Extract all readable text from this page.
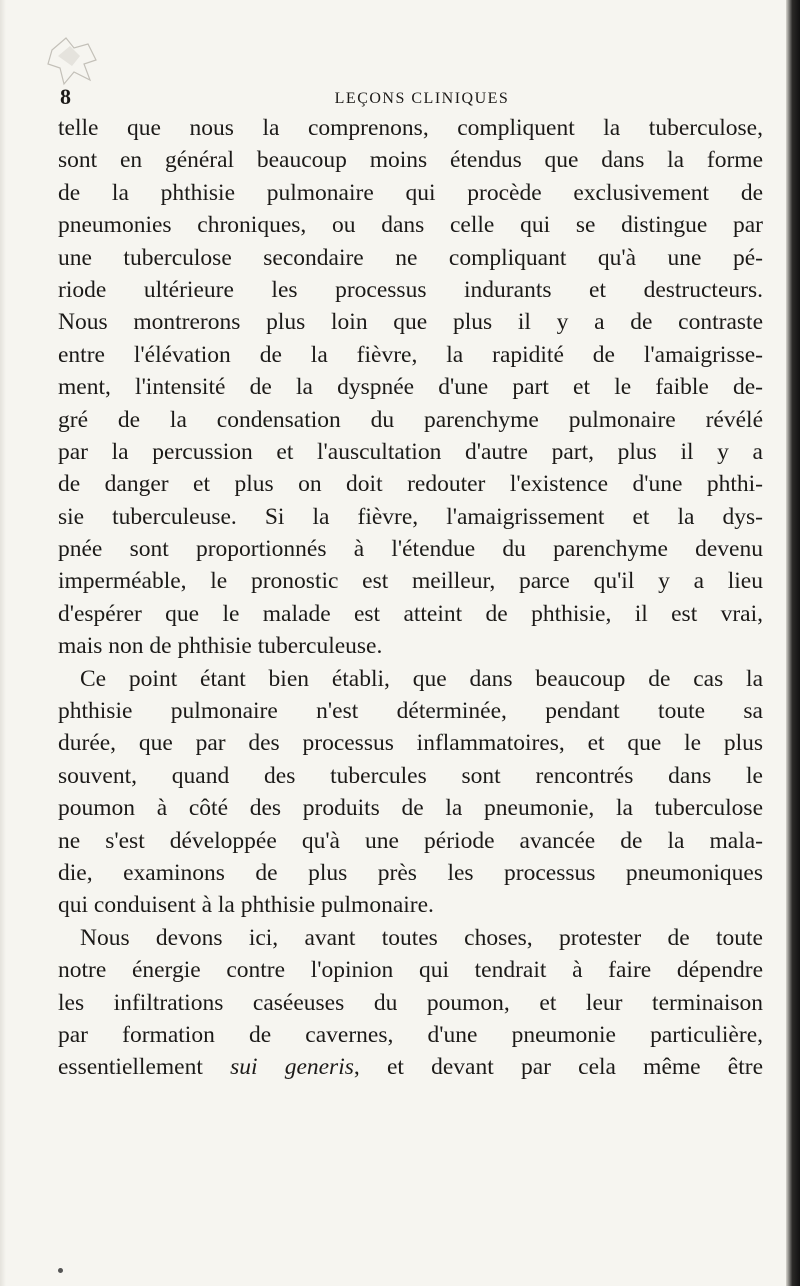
8	LEÇONS CLINIQUES
telle que nous la comprenons, compliquent la tuberculose,
sont en général beaucoup moins étendus que dans la forme
de la phthisie pulmonaire qui procède exclusivement de
pneumonies chroniques, ou dans celle qui se distingue par
une tuberculose secondaire ne compliquant qu'à une pé-
riode ultérieure les processus indurants et destructeurs.
Nous montrerons plus loin que plus il y a de contraste
entre l'élévation de la fièvre, la rapidité de l'amaigrisse-
ment, l'intensité de la dyspnée d'une part et le faible de-
gré de la condensation du parenchyme pulmonaire révélé
par la percussion et l'auscultation d'autre part, plus il y a
de danger et plus on doit redouter l'existence d'une phthi-
sie tuberculeuse. Si la fièvre, l'amaigrissement et la dys-
pnée sont proportionnés à l'étendue du parenchyme devenu
imperméable, le pronostic est meilleur, parce qu'il y a lieu
d'espérer que le malade est atteint de phthisie, il est vrai,
mais non de phthisie tuberculeuse.
Ce point étant bien établi, que dans beaucoup de cas la
phthisie pulmonaire n'est déterminée, pendant toute sa
durée, que par des processus inflammatoires, et que le plus
souvent, quand des tubercules sont rencontrés dans le
poumon à côté des produits de la pneumonie, la tuberculose
ne s'est développée qu'à une période avancée de la mala-
die, examinons de plus près les processus pneumoniques
qui conduisent à la phthisie pulmonaire.
Nous devons ici, avant toutes choses, protester de toute
notre énergie contre l'opinion qui tendrait à faire dépendre
les infiltrations caséeuses du poumon, et leur terminaison
par formation de cavernes, d'une pneumonie particulière,
essentiellement sui generis, et devant par cela même être
